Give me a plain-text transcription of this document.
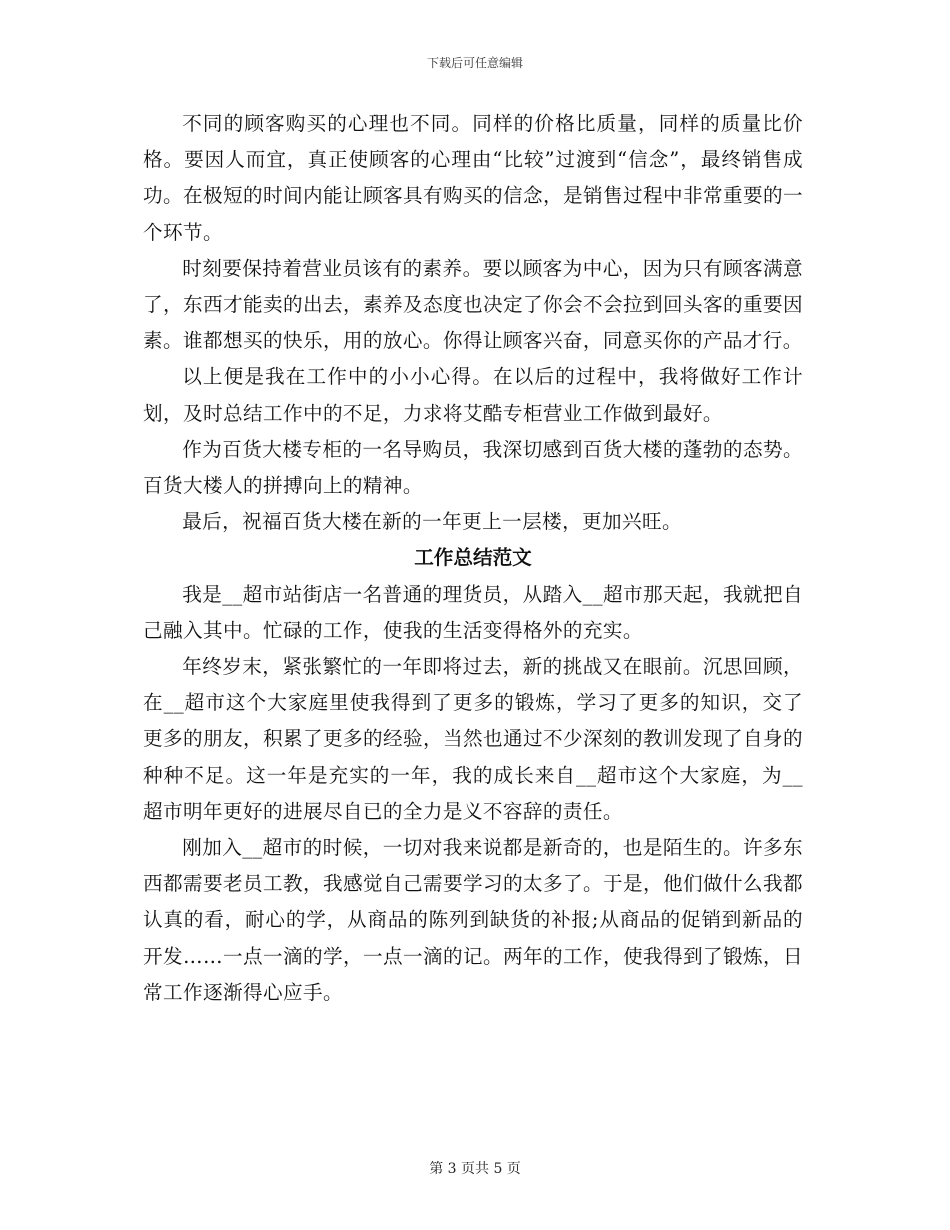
下载后可任意编辑

不同的顾客购买的心理也不同。同样的价格比质量，同样的质量比价格。要因人而宜，真正使顾客的心理由“比较”过渡到“信念”，最终销售成功。在极短的时间内能让顾客具有购买的信念，是销售过程中非常重要的一个环节。

时刻要保持着营业员该有的素养。要以顾客为中心，因为只有顾客满意了，东西才能卖的出去，素养及态度也决定了你会不会拉到回头客的重要因素。谁都想买的快乐，用的放心。你得让顾客兴奋，同意买你的产品才行。

以上便是我在工作中的小小心得。在以后的过程中，我将做好工作计划，及时总结工作中的不足，力求将艾酷专柜营业工作做到最好。

作为百货大楼专柜的一名导购员，我深切感到百货大楼的蓬勃的态势。百货大楼人的拼搏向上的精神。

最后，祝福百货大楼在新的一年更上一层楼，更加兴旺。

工作总结范文

我是__超市站街店一名普通的理货员，从踏入__超市那天起，我就把自己融入其中。忙碌的工作，使我的生活变得格外的充实。

年终岁末，紧张繁忙的一年即将过去，新的挑战又在眼前。沉思回顾，在__超市这个大家庭里使我得到了更多的锻炼，学习了更多的知识，交了更多的朋友，积累了更多的经验，当然也通过不少深刻的教训发现了自身的种种不足。这一年是充实的一年，我的成长来自__超市这个大家庭，为__超市明年更好的进展尽自已的全力是义不容辞的责任。

刚加入__超市的时候，一切对我来说都是新奇的，也是陌生的。许多东西都需要老员工教，我感觉自己需要学习的太多了。于是，他们做什么我都认真的看，耐心的学，从商品的陈列到缺货的补报;从商品的促销到新品的开发……一点一滴的学，一点一滴的记。两年的工作，使我得到了锻炼，日常工作逐渐得心应手。

第 3 页共 5 页
